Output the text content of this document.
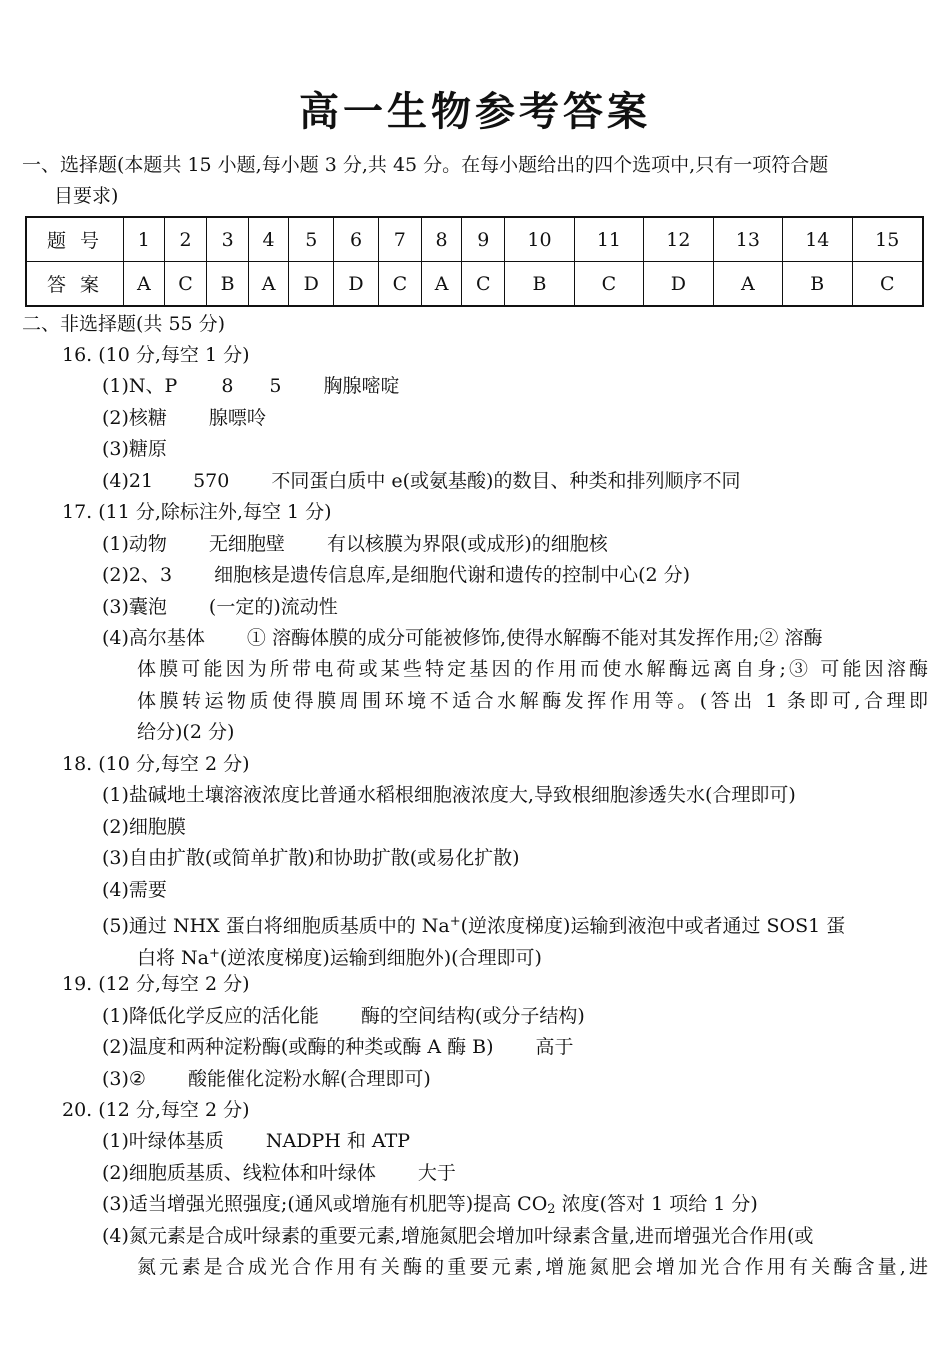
高一生物参考答案
一、选择题(本题共 15 小题,每小题 3 分,共 45 分。在每小题给出的四个选项中,只有一项符合题
目要求)
题号	1	2	3	4	5	6	7	8	9	10	11	12	13	14	15
答案	A	C	B	A	D	D	C	A	C	B	C	D	A	B	C
二、非选择题(共 55 分)
16. (10 分,每空 1 分)
(1)N、P 8 5 胸腺嘧啶
(2)核糖 腺嘌呤
(3)糖原
(4)21 570 不同蛋白质中 e(或氨基酸)的数目、种类和排列顺序不同
17. (11 分,除标注外,每空 1 分)
(1)动物 无细胞壁 有以核膜为界限(或成形)的细胞核
(2)2、3 细胞核是遗传信息库,是细胞代谢和遗传的控制中心(2 分)
(3)囊泡 (一定的)流动性
(4)高尔基体 ① 溶酶体膜的成分可能被修饰,使得水解酶不能对其发挥作用;② 溶酶
体膜可能因为所带电荷或某些特定基因的作用而使水解酶远离自身;③ 可能因溶酶
体膜转运物质使得膜周围环境不适合水解酶发挥作用等。(答出 1 条即可,合理即
给分)(2 分)
18. (10 分,每空 2 分)
(1)盐碱地土壤溶液浓度比普通水稻根细胞液浓度大,导致根细胞渗透失水(合理即可)
(2)细胞膜
(3)自由扩散(或简单扩散)和协助扩散(或易化扩散)
(4)需要
(5)通过 NHX 蛋白将细胞质基质中的 Na+(逆浓度梯度)运输到液泡中或者通过 SOS1 蛋
白将 Na+(逆浓度梯度)运输到细胞外)(合理即可)
19. (12 分,每空 2 分)
(1)降低化学反应的活化能 酶的空间结构(或分子结构)
(2)温度和两种淀粉酶(或酶的种类或酶 A 酶 B) 高于
(3)② 酸能催化淀粉水解(合理即可)
20. (12 分,每空 2 分)
(1)叶绿体基质 NADPH 和 ATP
(2)细胞质基质、线粒体和叶绿体 大于
(3)适当增强光照强度;(通风或增施有机肥等)提高 $CO_2$ 浓度(答对 1 项给 1 分)
(4)氮元素是合成叶绿素的重要元素,增施氮肥会增加叶绿素含量,进而增强光合作用(或
氮元素是合成光合作用有关酶的重要元素,增施氮肥会增加光合作用有关酶含量,进
